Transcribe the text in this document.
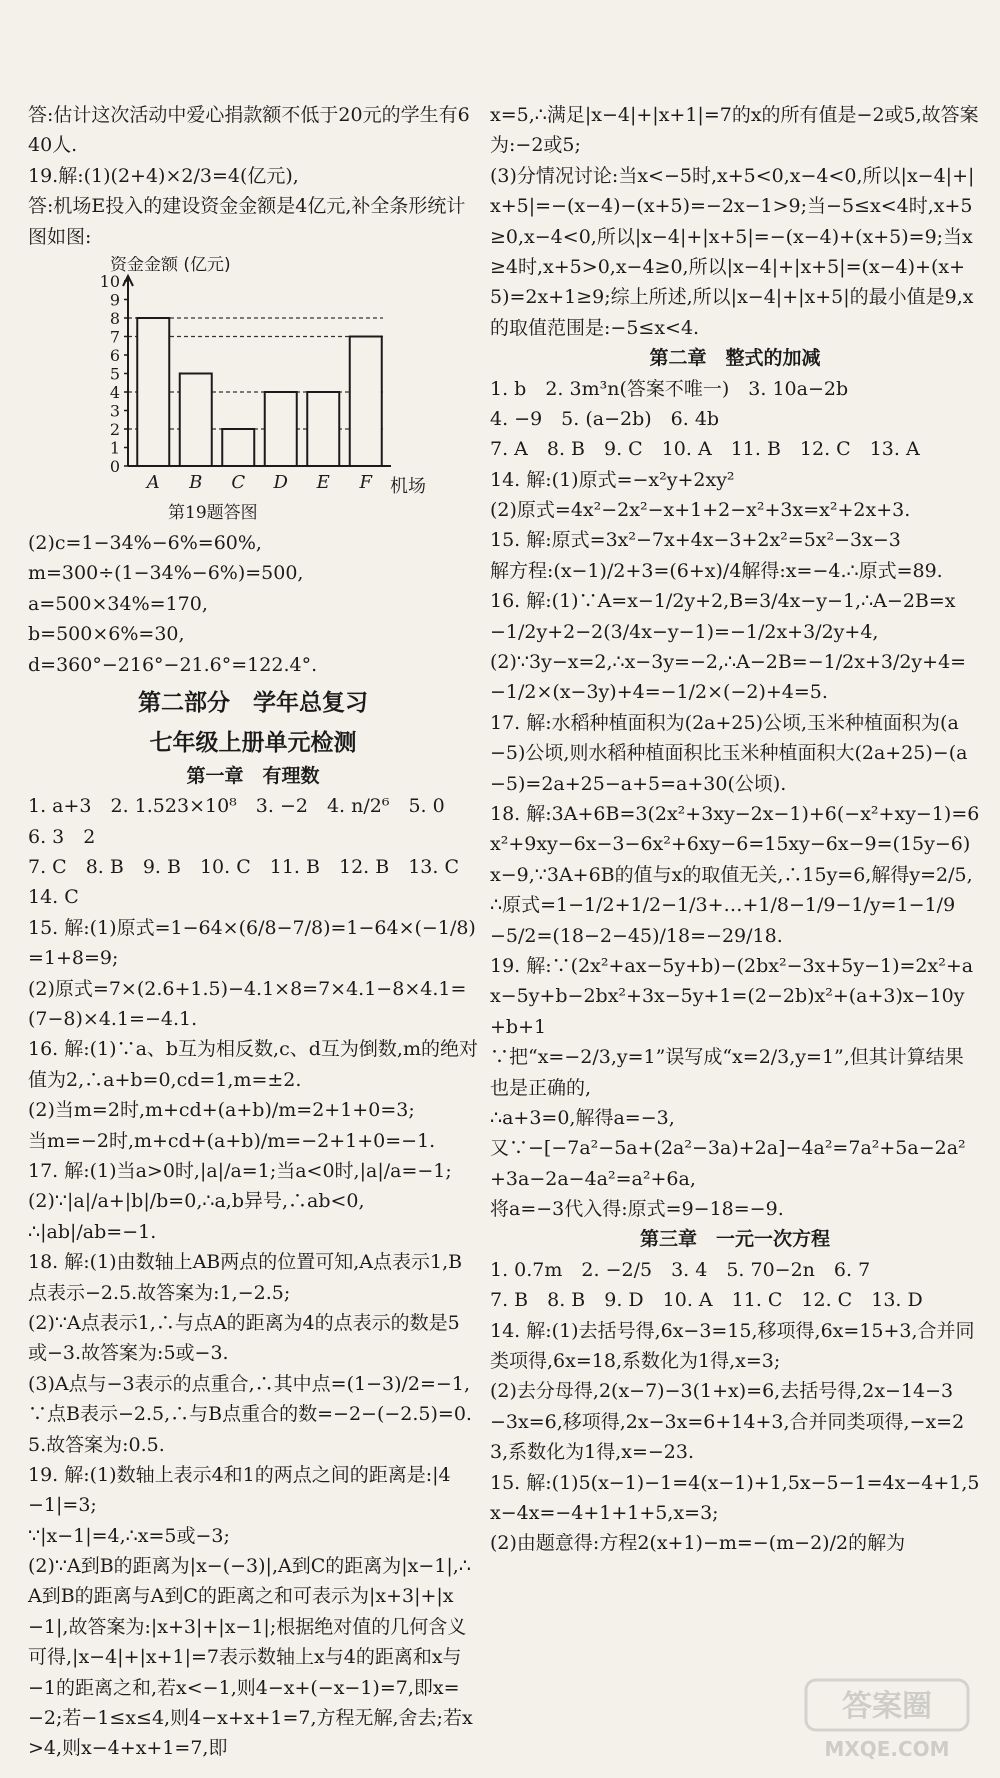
答:估计这次活动中爱心捐款额不低于20元的学生有640人.

19.解:(1)(2+4)×2/3=4(亿元),

答:机场E投入的建设资金金额是4亿元,补全条形统计图如图:

资金金额 (亿元)
0
1
2
3
4
5
6
7
8
9
10
A B C D E F 机场
第19题答图

(2)c=1−34%−6%=60%,

m=300÷(1−34%−6%)=500,

a=500×34%=170,

b=500×6%=30,

d=360°−216°−21.6°=122.4°.

第二部分　学年总复习
七年级上册单元检测
第一章　有理数

1. a+3　2. 1.523×10⁸　3. −2　4. n/2⁶　5. 0　6. 3　2

7. C　8. B　9. B　10. C　11. B　12. B　13. C　14. C

15. 解:(1)原式=1−64×(6/8−7/8)=1−64×(−1/8)=1+8=9;

(2)原式=7×(2.6+1.5)−4.1×8=7×4.1−8×4.1=(7−8)×4.1=−4.1.

16. 解:(1)∵a、b互为相反数,c、d互为倒数,m的绝对值为2,∴a+b=0,cd=1,m=±2.

(2)当m=2时,m+cd+(a+b)/m=2+1+0=3;

当m=−2时,m+cd+(a+b)/m=−2+1+0=−1.

17. 解:(1)当a>0时,|a|/a=1;当a<0时,|a|/a=−1;(2)∵|a|/a+|b|/b=0,∴a,b异号,∴ab<0,

∴|ab|/ab=−1.

18. 解:(1)由数轴上AB两点的位置可知,A点表示1,B点表示−2.5.故答案为:1,−2.5;

(2)∵A点表示1,∴与点A的距离为4的点表示的数是5或−3.故答案为:5或−3.

(3)A点与−3表示的点重合,∴其中点=(1−3)/2=−1,∵点B表示−2.5,∴与B点重合的数=−2−(−2.5)=0.5.故答案为:0.5.

19. 解:(1)数轴上表示4和1的两点之间的距离是:|4−1|=3;

∵|x−1|=4,∴x=5或−3;

(2)∵A到B的距离为|x−(−3)|,A到C的距离为|x−1|,∴A到B的距离与A到C的距离之和可表示为|x+3|+|x−1|,故答案为:|x+3|+|x−1|;根据绝对值的几何含义可得,|x−4|+|x+1|=7表示数轴上x与4的距离和x与−1的距离之和,若x<−1,则4−x+(−x−1)=7,即x=−2;若−1≤x≤4,则4−x+x+1=7,方程无解,舍去;若x>4,则x−4+x+1=7,即

x=5,∴满足|x−4|+|x+1|=7的x的所有值是−2或5,故答案为:−2或5;

(3)分情况讨论:当x<−5时,x+5<0,x−4<0,所以|x−4|+|x+5|=−(x−4)−(x+5)=−2x−1>9;当−5≤x<4时,x+5≥0,x−4<0,所以|x−4|+|x+5|=−(x−4)+(x+5)=9;当x≥4时,x+5>0,x−4≥0,所以|x−4|+|x+5|=(x−4)+(x+5)=2x+1≥9;综上所述,所以|x−4|+|x+5|的最小值是9,x的取值范围是:−5≤x<4.

第二章　整式的加减

1. b　2. 3m³n(答案不唯一)　3. 10a−2b

4. −9　5. (a−2b)　6. 4b

7. A　8. B　9. C　10. A　11. B　12. C　13. A

14. 解:(1)原式=−x²y+2xy²

(2)原式=4x²−2x²−x+1+2−x²+3x=x²+2x+3.

15. 解:原式=3x²−7x+4x−3+2x²=5x²−3x−3

解方程:(x−1)/2+3=(6+x)/4解得:x=−4.∴原式=89.

16. 解:(1)∵A=x−1/2y+2,B=3/4x−y−1,∴A−2B=x−1/2y+2−2(3/4x−y−1)=−1/2x+3/2y+4,

(2)∵3y−x=2,∴x−3y=−2,∴A−2B=−1/2x+3/2y+4=−1/2×(x−3y)+4=−1/2×(−2)+4=5.

17. 解:水稻种植面积为(2a+25)公顷,玉米种植面积为(a−5)公顷,则水稻种植面积比玉米种植面积大(2a+25)−(a−5)=2a+25−a+5=a+30(公顷).

18. 解:3A+6B=3(2x²+3xy−2x−1)+6(−x²+xy−1)=6x²+9xy−6x−3−6x²+6xy−6=15xy−6x−9=(15y−6)x−9,∵3A+6B的值与x的取值无关,∴15y=6,解得y=2/5,∴原式=1−1/2+1/2−1/3+…+1/8−1/9−1/y=1−1/9−5/2=(18−2−45)/18=−29/18.

19. 解:∵(2x²+ax−5y+b)−(2bx²−3x+5y−1)=2x²+ax−5y+b−2bx²+3x−5y+1=(2−2b)x²+(a+3)x−10y+b+1

∵把“x=−2/3,y=1”误写成“x=2/3,y=1”,但其计算结果也是正确的,

∴a+3=0,解得a=−3,

又∵−[−7a²−5a+(2a²−3a)+2a]−4a²=7a²+5a−2a²+3a−2a−4a²=a²+6a,

将a=−3代入得:原式=9−18=−9.

第三章　一元一次方程

1. 0.7m　2. −2/5　3. 4　5. 70−2n　6. 7

7. B　8. B　9. D　10. A　11. C　12. C　13. D

14. 解:(1)去括号得,6x−3=15,移项得,6x=15+3,合并同类项得,6x=18,系数化为1得,x=3;

(2)去分母得,2(x−7)−3(1+x)=6,去括号得,2x−14−3−3x=6,移项得,2x−3x=6+14+3,合并同类项得,−x=23,系数化为1得,x=−23.

15. 解:(1)5(x−1)−1=4(x−1)+1,5x−5−1=4x−4+1,5x−4x=−4+1+1+5,x=3;

(2)由题意得:方程2(x+1)−m=−(m−2)/2的解为

答案圈
MXQE.COM
